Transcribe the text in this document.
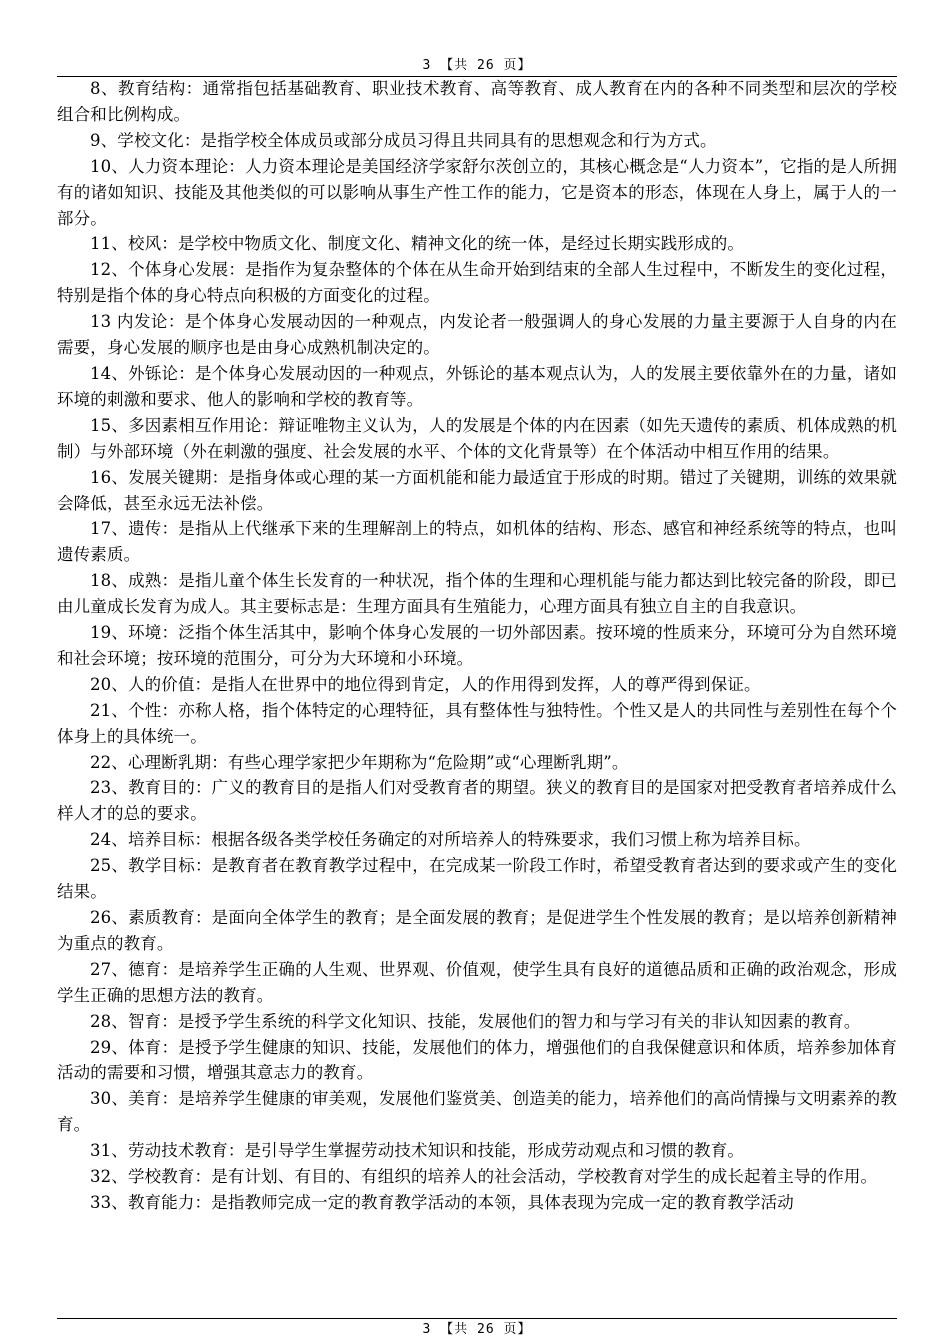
3 【共 26 页】

8、教育结构：通常指包括基础教育、职业技术教育、高等教育、成人教育在内的各种不同类型和层次的学校组合和比例构成。

9、学校文化：是指学校全体成员或部分成员习得且共同具有的思想观念和行为方式。

10、人力资本理论：人力资本理论是美国经济学家舒尔茨创立的，其核心概念是“人力资本”，它指的是人所拥有的诸如知识、技能及其他类似的可以影响从事生产性工作的能力，它是资本的形态，体现在人身上，属于人的一部分。

11、校风：是学校中物质文化、制度文化、精神文化的统一体，是经过长期实践形成的。

12、个体身心发展：是指作为复杂整体的个体在从生命开始到结束的全部人生过程中，不断发生的变化过程，特别是指个体的身心特点向积极的方面变化的过程。

13 内发论：是个体身心发展动因的一种观点，内发论者一般强调人的身心发展的力量主要源于人自身的内在需要，身心发展的顺序也是由身心成熟机制决定的。

14、外铄论：是个体身心发展动因的一种观点，外铄论的基本观点认为，人的发展主要依靠外在的力量，诸如环境的刺激和要求、他人的影响和学校的教育等。

15、多因素相互作用论：辩证唯物主义认为，人的发展是个体的内在因素（如先天遗传的素质、机体成熟的机制）与外部环境（外在刺激的强度、社会发展的水平、个体的文化背景等）在个体活动中相互作用的结果。

16、发展关键期：是指身体或心理的某一方面机能和能力最适宜于形成的时期。错过了关键期，训练的效果就会降低，甚至永远无法补偿。

17、遗传：是指从上代继承下来的生理解剖上的特点，如机体的结构、形态、感官和神经系统等的特点，也叫遗传素质。

18、成熟：是指儿童个体生长发育的一种状况，指个体的生理和心理机能与能力都达到比较完备的阶段，即已由儿童成长发育为成人。其主要标志是：生理方面具有生殖能力，心理方面具有独立自主的自我意识。

19、环境：泛指个体生活其中，影响个体身心发展的一切外部因素。按环境的性质来分，环境可分为自然环境和社会环境；按环境的范围分，可分为大环境和小环境。

20、人的价值：是指人在世界中的地位得到肯定，人的作用得到发挥，人的尊严得到保证。

21、个性：亦称人格，指个体特定的心理特征，具有整体性与独特性。个性又是人的共同性与差别性在每个个体身上的具体统一。

22、心理断乳期：有些心理学家把少年期称为“危险期”或“心理断乳期”。

23、教育目的：广义的教育目的是指人们对受教育者的期望。狭义的教育目的是国家对把受教育者培养成什么样人才的总的要求。

24、培养目标：根据各级各类学校任务确定的对所培养人的特殊要求，我们习惯上称为培养目标。

25、教学目标：是教育者在教育教学过程中，在完成某一阶段工作时，希望受教育者达到的要求或产生的变化结果。

26、素质教育：是面向全体学生的教育；是全面发展的教育；是促进学生个性发展的教育；是以培养创新精神为重点的教育。

27、德育：是培养学生正确的人生观、世界观、价值观，使学生具有良好的道德品质和正确的政治观念，形成学生正确的思想方法的教育。

28、智育：是授予学生系统的科学文化知识、技能，发展他们的智力和与学习有关的非认知因素的教育。

29、体育：是授予学生健康的知识、技能，发展他们的体力，增强他们的自我保健意识和体质，培养参加体育活动的需要和习惯，增强其意志力的教育。

30、美育：是培养学生健康的审美观，发展他们鉴赏美、创造美的能力，培养他们的高尚情操与文明素养的教育。

31、劳动技术教育：是引导学生掌握劳动技术知识和技能，形成劳动观点和习惯的教育。

32、学校教育：是有计划、有目的、有组织的培养人的社会活动，学校教育对学生的成长起着主导的作用。

33、教育能力：是指教师完成一定的教育教学活动的本领，具体表现为完成一定的教育教学活动

3 【共 26 页】
